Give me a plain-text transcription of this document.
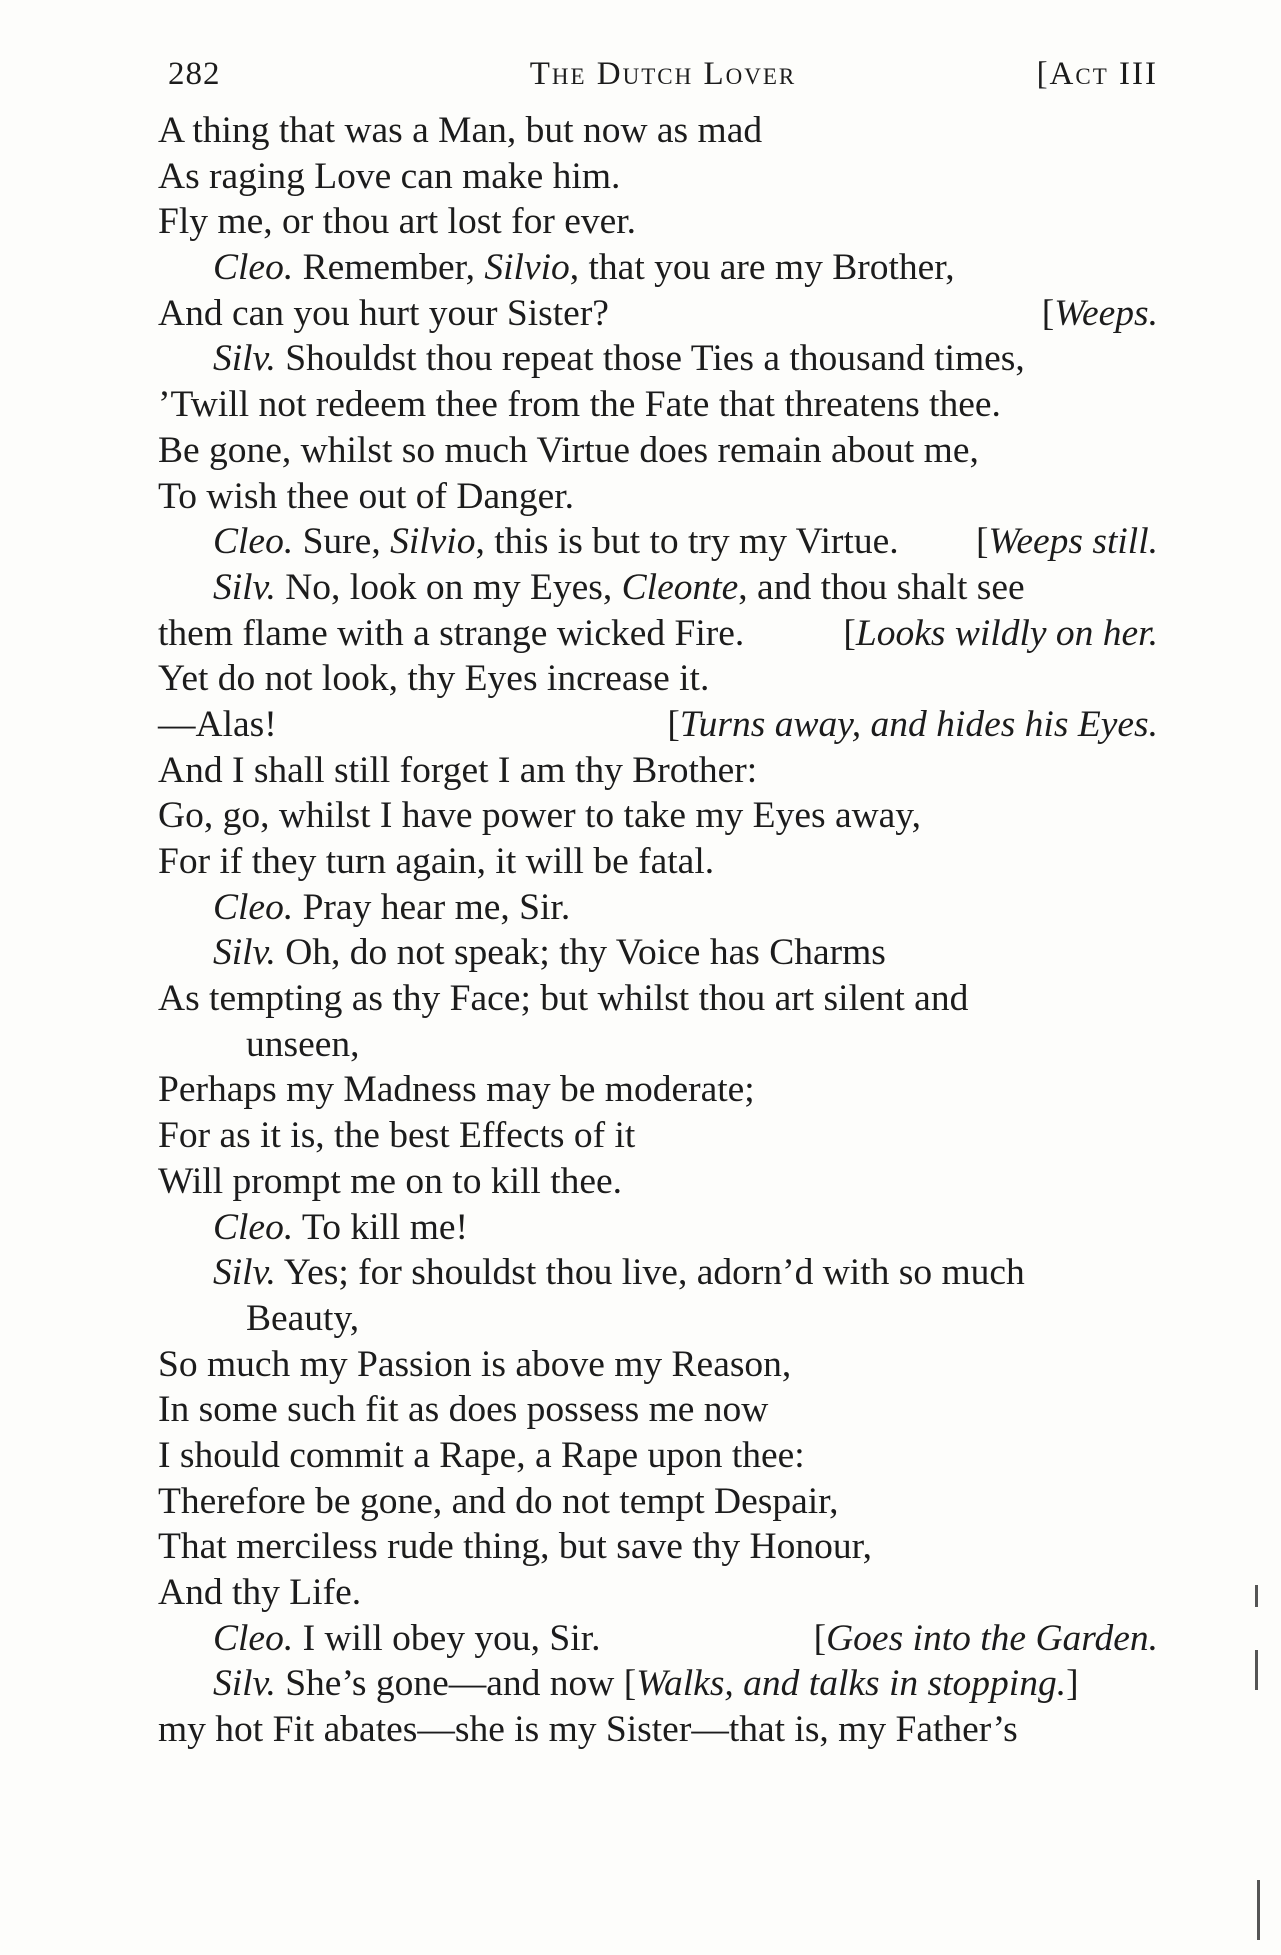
282	The Dutch Lover	[Act III
A thing that was a Man, but now as mad
As raging Love can make him.
Fly me, or thou art lost for ever.
Cleo. Remember, Silvio, that you are my Brother,
And can you hurt your Sister?	[Weeps.
Silv. Shouldst thou repeat those Ties a thousand times,
’Twill not redeem thee from the Fate that threatens thee.
Be gone, whilst so much Virtue does remain about me,
To wish thee out of Danger.
Cleo. Sure, Silvio, this is but to try my Virtue. [Weeps still.
Silv. No, look on my Eyes, Cleonte, and thou shalt see
them flame with a strange wicked Fire.	[Looks wildly on her.
Yet do not look, thy Eyes increase it.
—Alas!	[Turns away, and hides his Eyes.
And I shall still forget I am thy Brother:
Go, go, whilst I have power to take my Eyes away,
For if they turn again, it will be fatal.
Cleo. Pray hear me, Sir.
Silv. Oh, do not speak; thy Voice has Charms
As tempting as thy Face; but whilst thou art silent and
unseen,
Perhaps my Madness may be moderate;
For as it is, the best Effects of it
Will prompt me on to kill thee.
Cleo. To kill me!
Silv. Yes; for shouldst thou live, adorn’d with so much
Beauty,
So much my Passion is above my Reason,
In some such fit as does possess me now
I should commit a Rape, a Rape upon thee:
Therefore be gone, and do not tempt Despair,
That merciless rude thing, but save thy Honour,
And thy Life.
Cleo. I will obey you, Sir.	[Goes into the Garden.
Silv. She’s gone—and now [Walks, and talks in stopping.]
my hot Fit abates—she is my Sister—that is, my Father’s
